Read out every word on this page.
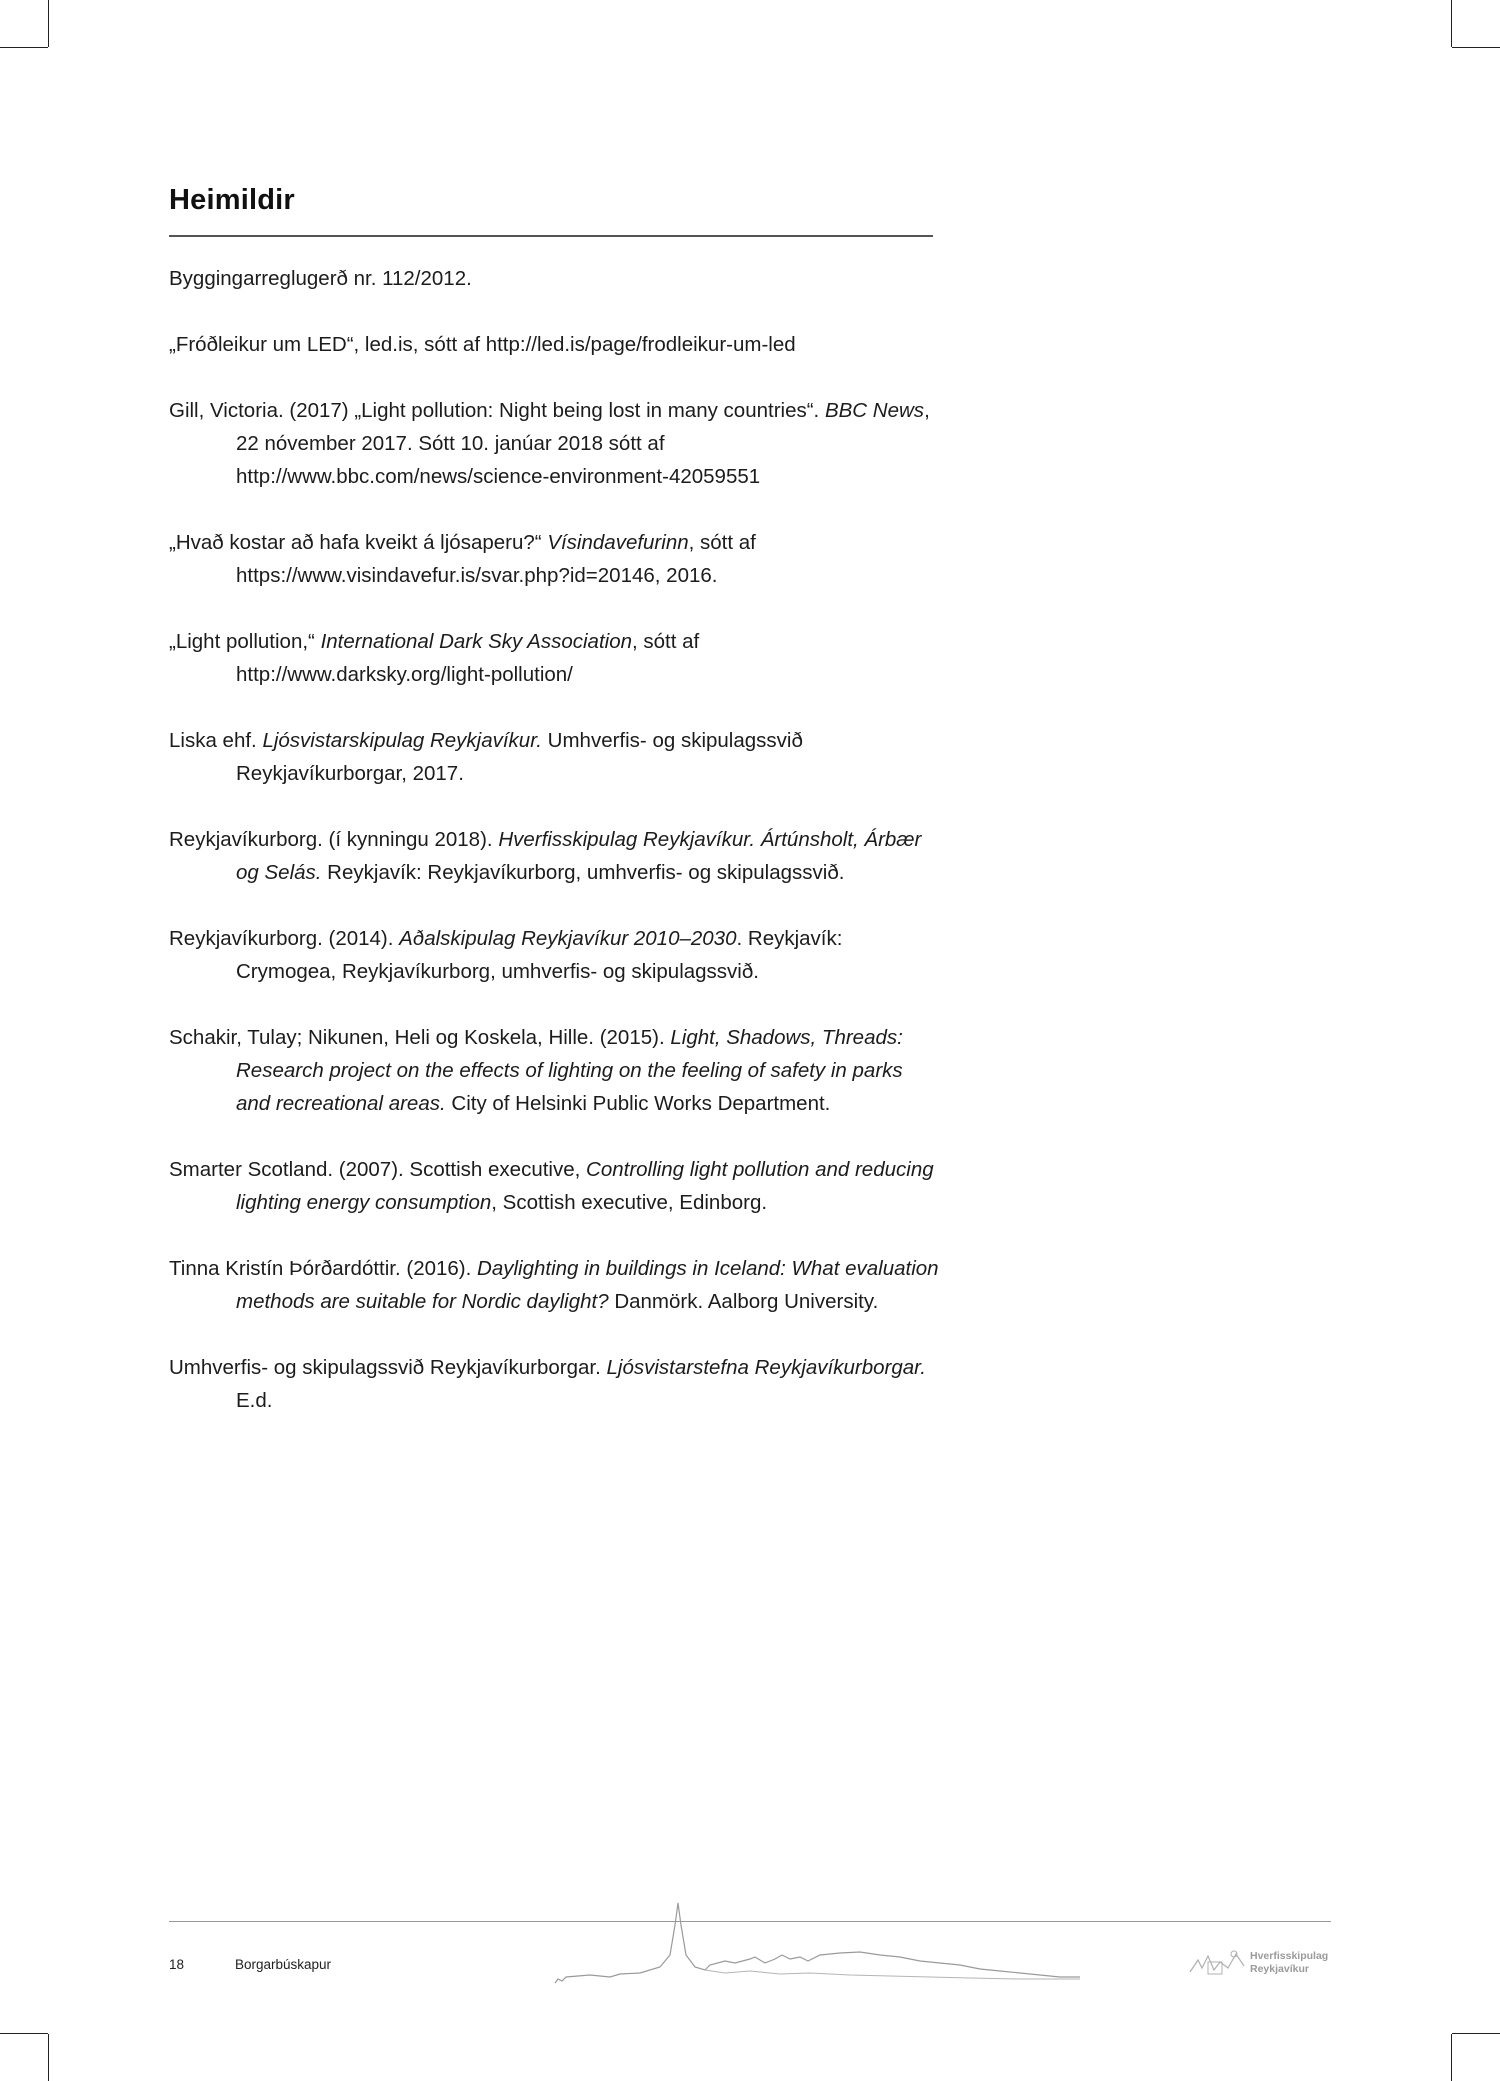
Heimildir

Byggingarreglugerð nr. 112/2012.

„Fróðleikur um LED“, led.is, sótt af http://led.is/page/frodleikur-um-led

Gill, Victoria. (2017) „Light pollution: Night being lost in many countries“. BBC News, 22 nóvember 2017. Sótt 10. janúar 2018 sótt af http://www.bbc.com/news/science-environment-42059551

„Hvað kostar að hafa kveikt á ljósaperu?“ Vísindavefurinn, sótt af https://www.visindavefur.is/svar.php?id=20146, 2016.

„Light pollution,“ International Dark Sky Association, sótt af http://www.darksky.org/light-pollution/

Liska ehf. Ljósvistarskipulag Reykjavíkur. Umhverfis- og skipulagssvið Reykjavíkurborgar, 2017.

Reykjavíkurborg. (í kynningu 2018). Hverfisskipulag Reykjavíkur. Ártúnsholt, Árbær og Selás. Reykjavík: Reykjavíkurborg, umhverfis- og skipulagssvið.

Reykjavíkurborg. (2014). Aðalskipulag Reykjavíkur 2010–2030. Reykjavík: Crymogea, Reykjavíkurborg, umhverfis- og skipulagssvið.

Schakir, Tulay; Nikunen, Heli og Koskela, Hille. (2015). Light, Shadows, Threads: Research project on the effects of lighting on the feeling of safety in parks and recreational areas. City of Helsinki Public Works Department.

Smarter Scotland. (2007). Scottish executive, Controlling light pollution and reducing lighting energy consumption, Scottish executive, Edinborg.

Tinna Kristín Þórðardóttir. (2016). Daylighting in buildings in Iceland: What evaluation methods are suitable for Nordic daylight? Danmörk. Aalborg University.

Umhverfis- og skipulagssvið Reykjavíkurborgar. Ljósvistarstefna Reykjavíkurborgar. E.d.

18	Borgarbúskapur
Hverfisskipulag
Reykjavíkur
